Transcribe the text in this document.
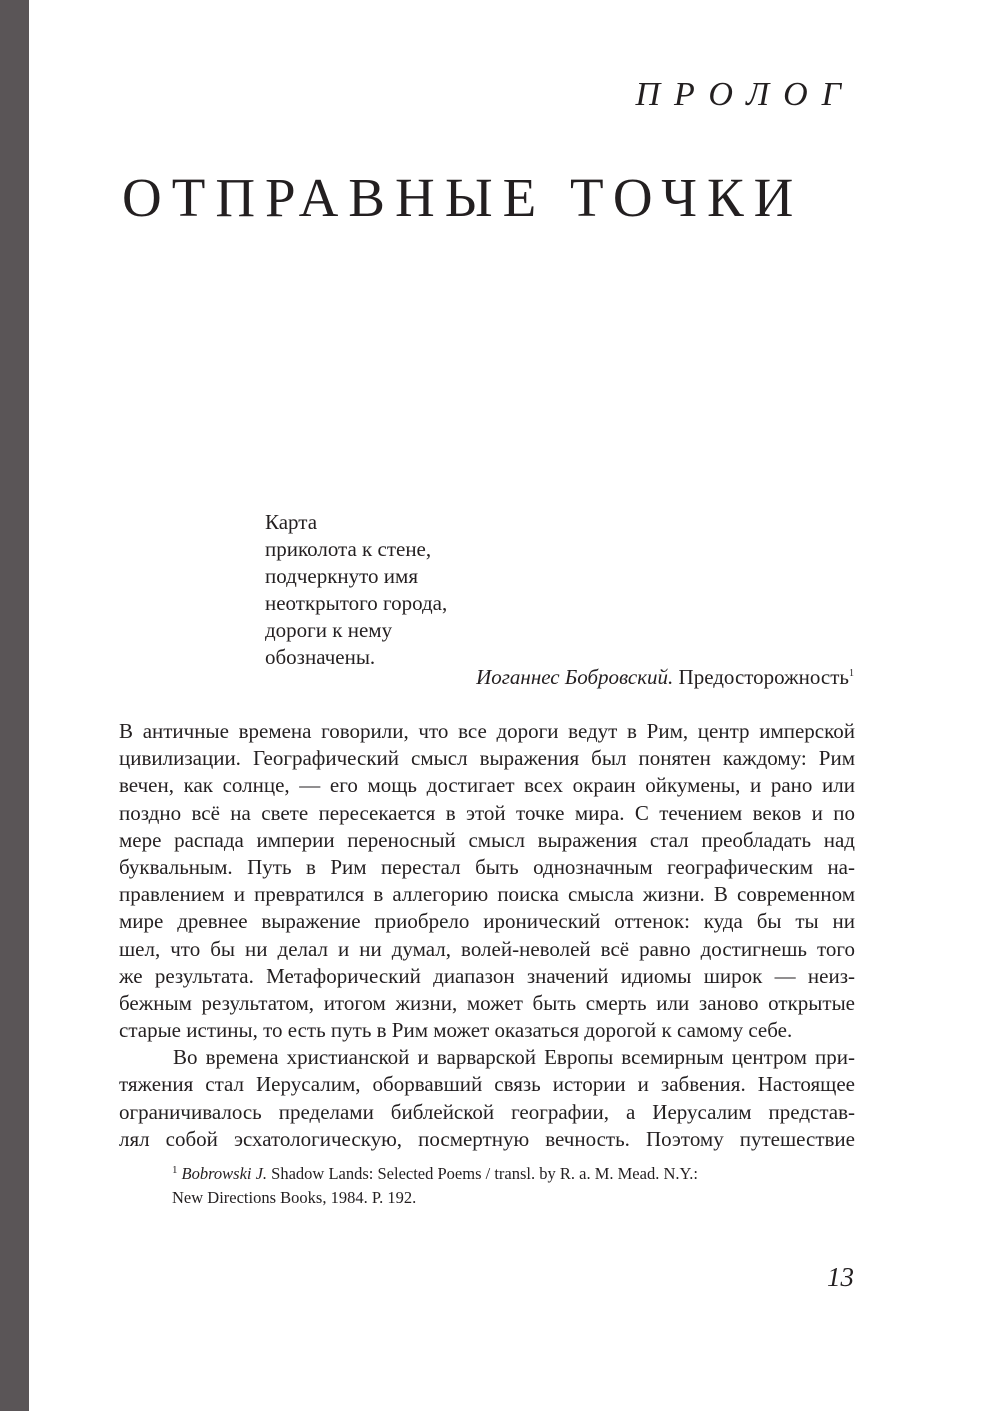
ПРОЛОГ
ОТПРАВНЫЕ ТОЧКИ
Карта
приколота к стене,
подчеркнуто имя
неоткрытого города,
дороги к нему
обозначены.
Иоганнес Бобровский. Предосторожность$^1$
В античные времена говорили, что все дороги ведут в Рим, центр имперской
цивилизации. Географический смысл выражения был понятен каждому: Рим
вечен, как солнце, — его мощь достигает всех окраин ойкумены, и рано или
поздно всё на свете пересекается в этой точке мира. С течением веков и по
мере распада империи переносный смысл выражения стал преобладать над
буквальным. Путь в Рим перестал быть однозначным географическим на-
правлением и превратился в аллегорию поиска смысла жизни. В современном
мире древнее выражение приобрело иронический оттенок: куда бы ты ни
шел, что бы ни делал и ни думал, волей-неволей всё равно достигнешь того
же результата. Метафорический диапазон значений идиомы широк — неиз-
бежным результатом, итогом жизни, может быть смерть или заново открытые
старые истины, то есть путь в Рим может оказаться дорогой к самому себе.
Во времена христианской и варварской Европы всемирным центром при-
тяжения стал Иерусалим, оборвавший связь истории и забвения. Настоящее
ограничивалось пределами библейской географии, а Иерусалим представ-
лял собой эсхатологическую, посмертную вечность. Поэтому путешествие
$^1$ Bobrowski J. Shadow Lands: Selected Poems / transl. by R. a. M. Mead. N.Y.:
New Directions Books, 1984. P. 192.
13
